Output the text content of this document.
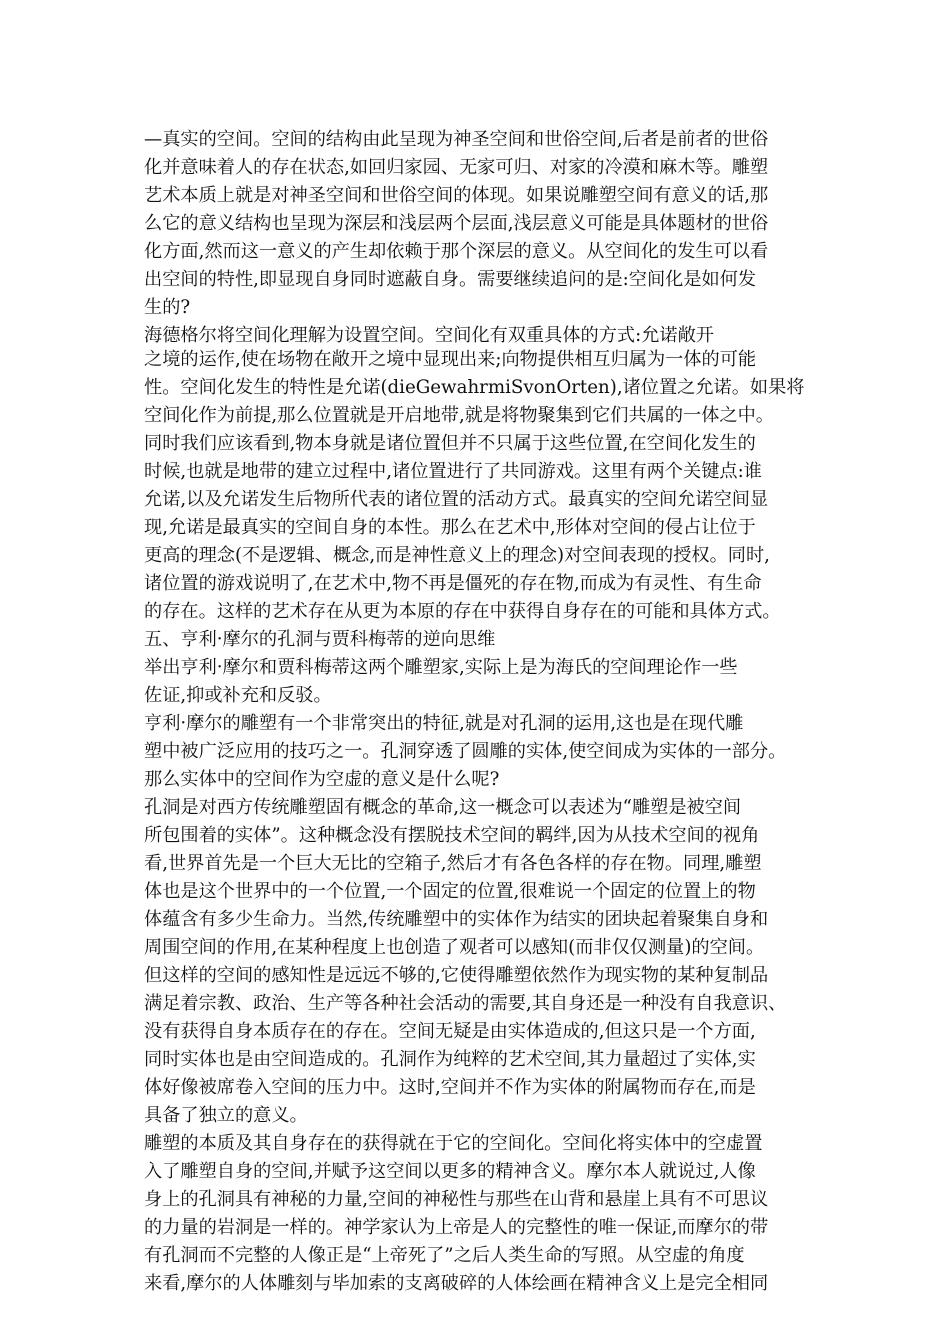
—真实的空间。空间的结构由此呈现为神圣空间和世俗空间,后者是前者的世俗
化并意味着人的存在状态,如回归家园、无家可归、对家的冷漠和麻木等。雕塑
艺术本质上就是对神圣空间和世俗空间的体现。如果说雕塑空间有意义的话,那
么它的意义结构也呈现为深层和浅层两个层面,浅层意义可能是具体题材的世俗
化方面,然而这一意义的产生却依赖于那个深层的意义。从空间化的发生可以看
出空间的特性,即显现自身同时遮蔽自身。需要继续追问的是:空间化是如何发
生的?
海德格尔将空间化理解为设置空间。空间化有双重具体的方式:允诺敞开
之境的运作,使在场物在敞开之境中显现出来;向物提供相互归属为一体的可能
性。空间化发生的特性是允诺(dieGewahrmiSvonOrten),诸位置之允诺。如果将
空间化作为前提,那么位置就是开启地带,就是将物聚集到它们共属的一体之中。
同时我们应该看到,物本身就是诸位置但并不只属于这些位置,在空间化发生的
时候,也就是地带的建立过程中,诸位置进行了共同游戏。这里有两个关键点:谁
允诺,以及允诺发生后物所代表的诸位置的活动方式。最真实的空间允诺空间显
现,允诺是最真实的空间自身的本性。那么在艺术中,形体对空间的侵占让位于
更高的理念(不是逻辑、概念,而是神性意义上的理念)对空间表现的授权。同时,
诸位置的游戏说明了,在艺术中,物不再是僵死的存在物,而成为有灵性、有生命
的存在。这样的艺术存在从更为本原的存在中获得自身存在的可能和具体方式。
五、亨利·摩尔的孔洞与贾科梅蒂的逆向思维
举出亨利·摩尔和贾科梅蒂这两个雕塑家,实际上是为海氏的空间理论作一些
佐证,抑或补充和反驳。
亨利·摩尔的雕塑有一个非常突出的特征,就是对孔洞的运用,这也是在现代雕
塑中被广泛应用的技巧之一。孔洞穿透了圆雕的实体,使空间成为实体的一部分。
那么实体中的空间作为空虚的意义是什么呢?
孔洞是对西方传统雕塑固有概念的革命,这一概念可以表述为“雕塑是被空间
所包围着的实体”。这种概念没有摆脱技术空间的羁绊,因为从技术空间的视角
看,世界首先是一个巨大无比的空箱子,然后才有各色各样的存在物。同理,雕塑
体也是这个世界中的一个位置,一个固定的位置,很难说一个固定的位置上的物
体蕴含有多少生命力。当然,传统雕塑中的实体作为结实的团块起着聚集自身和
周围空间的作用,在某种程度上也创造了观者可以感知(而非仅仅测量)的空间。
但这样的空间的感知性是远远不够的,它使得雕塑依然作为现实物的某种复制品
满足着宗教、政治、生产等各种社会活动的需要,其自身还是一种没有自我意识、
没有获得自身本质存在的存在。空间无疑是由实体造成的,但这只是一个方面,
同时实体也是由空间造成的。孔洞作为纯粹的艺术空间,其力量超过了实体,实
体好像被席卷入空间的压力中。这时,空间并不作为实体的附属物而存在,而是
具备了独立的意义。
雕塑的本质及其自身存在的获得就在于它的空间化。空间化将实体中的空虚置
入了雕塑自身的空间,并赋予这空间以更多的精神含义。摩尔本人就说过,人像
身上的孔洞具有神秘的力量,空间的神秘性与那些在山背和悬崖上具有不可思议
的力量的岩洞是一样的。神学家认为上帝是人的完整性的唯一保证,而摩尔的带
有孔洞而不完整的人像正是“上帝死了”之后人类生命的写照。从空虚的角度
来看,摩尔的人体雕刻与毕加索的支离破碎的人体绘画在精神含义上是完全相同
